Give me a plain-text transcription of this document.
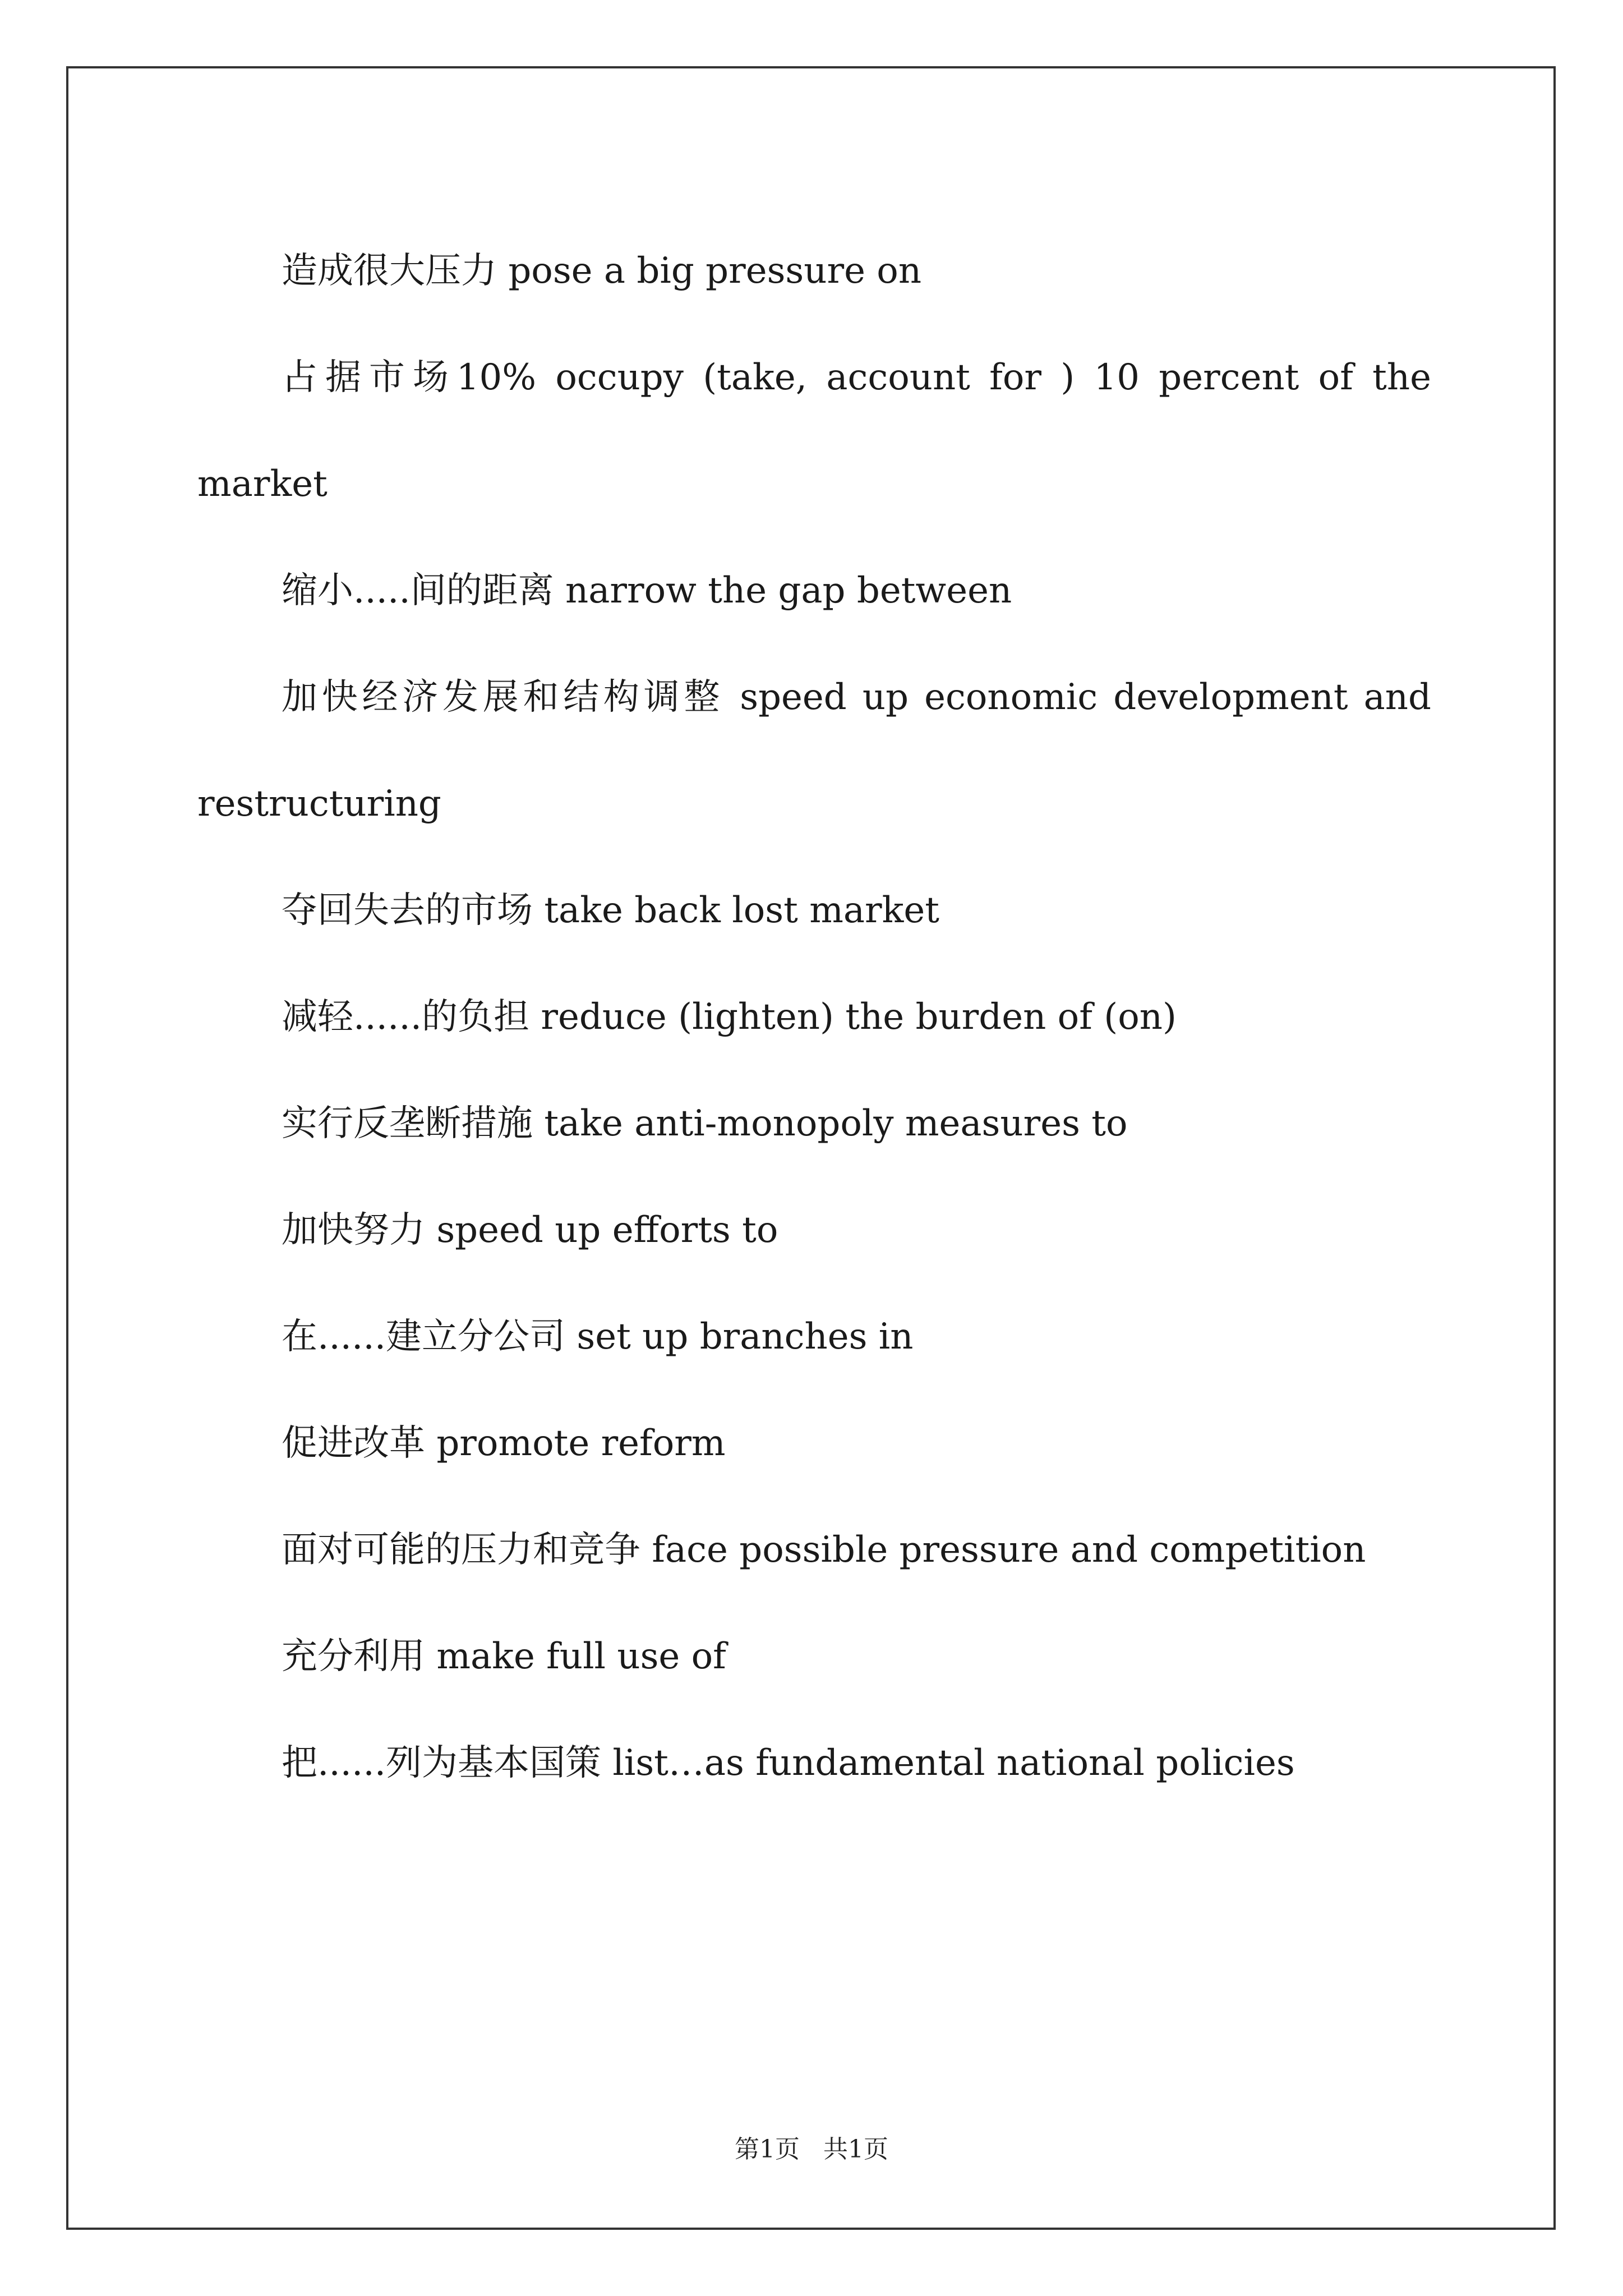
造成很大压力 pose a big pressure on

占据市场10% occupy (take, account for ) 10 percent of the market

缩小.....间的距离 narrow the gap between

加快经济发展和结构调整 speed up economic development and restructuring

夺回失去的市场 take back lost market

减轻......的负担 reduce (lighten) the burden of (on)

实行反垄断措施 take anti-monopoly measures to

加快努力 speed up efforts to

在......建立分公司 set up branches in

促进改革 promote reform

面对可能的压力和竞争 face possible pressure and competition

充分利用 make full use of

把......列为基本国策 list…as fundamental national policies

第1页   共1页
